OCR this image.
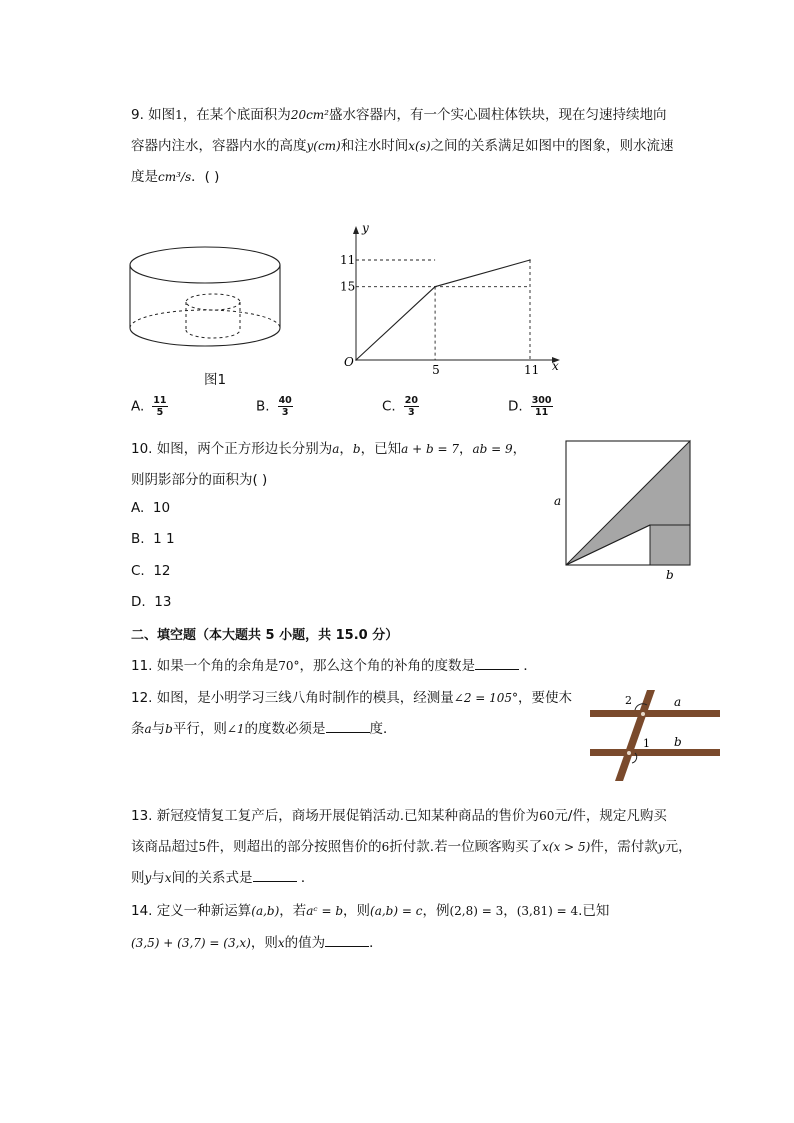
9. 如图1，在某个底面积为20cm²盛水容器内，有一个实心圆柱体铁块，现在匀速持续地向
容器内注水，容器内水的高度y(cm)和注水时间x(s)之间的关系满足如图中的图象，则水流速
度是cm³/s．( )
图1
y
x
O
15
11
5	11
A. $\frac{11}{5}$	B. $\frac{40}{3}$	C. $\frac{20}{3}$	D. $\frac{300}{11}$
10. 如图，两个正方形边长分别为a，b，已知a + b = 7，ab = 9，
则阴影部分的面积为( )
A. 10
B. 1 1
C. 12
D. 13
a
b
二、填空题（本大题共 5 小题，共 15.0 分）
11. 如果一个角的余角是70°，那么这个角的补角的度数是	．
12. 如图，是小明学习三线八角时制作的模具，经测量∠2 = 105°，要使木
条a与b平行，则∠1的度数必须是	度．
2
1
a
b
13. 新冠疫情复工复产后，商场开展促销活动.已知某种商品的售价为60元/件，规定凡购买
该商品超过5件，则超出的部分按照售价的6折付款.若一位顾客购买了x(x > 5)件，需付款y元，
则y与x间的关系式是	．
14. 定义一种新运算(a,b)，若aᶜ = b，则(a,b) = c，例(2,8) = 3，(3,81) = 4.已知
(3,5) + (3,7) = (3,x)，则x的值为	．
